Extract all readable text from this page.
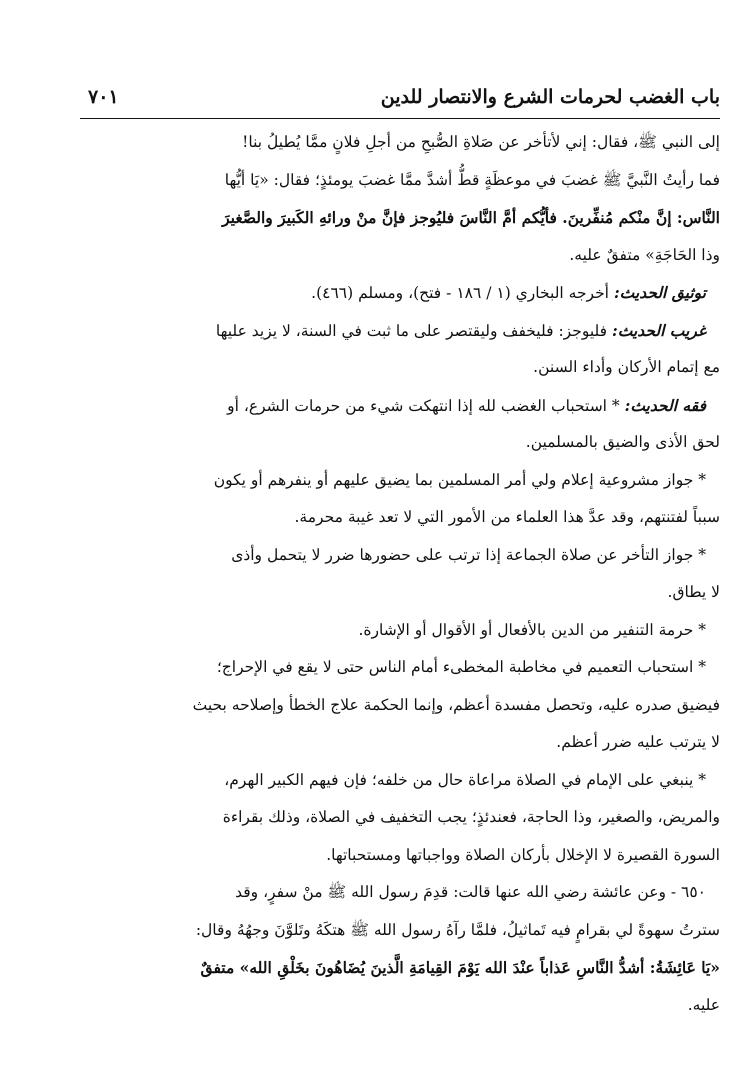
باب الغضب لحرمات الشرع والانتصار للدين
٧٠١
إلى النبي ﷺ، فقال: إني لأتأخر عن صَلاةِ الصُّبحِ من أجلِ فلانٍ ممَّا يُطيلُ بنا!
فما رأيتُ النَّبيَّ ﷺ غضبَ في موعظَةٍ قطُّ أشدَّ ممَّا غضبَ يومئذٍ؛ فقال: «يَا أيُّها
النَّاس: إنَّ منْكم مُنفِّرينَ. فأيُّكم أمَّ النَّاسَ فليُوجز فإنَّ منْ ورائهِ الكَبيرَ والصَّغيرَ
وذا الحَاجَةِ» متفقٌ عليه.
توثيق الحديث: أخرجه البخاري (١ / ١٨٦ - فتح)، ومسلم (٤٦٦).
غريب الحديث: فليوجز: فليخفف وليقتصر على ما ثبت في السنة، لا يزيد عليها
مع إتمام الأركان وأداء السنن.
فقه الحديث: * استحباب الغضب لله إذا انتهكت شيء من حرمات الشرع، أو
لحق الأذى والضيق بالمسلمين.
* جواز مشروعية إعلام ولي أمر المسلمين بما يضيق عليهم أو ينفرهم أو يكون
سبباً لفتنتهم، وقد عدَّ هذا العلماء من الأمور التي لا تعد غيبة محرمة.
* جواز التأخر عن صلاة الجماعة إذا ترتب على حضورها ضرر لا يتحمل وأذى
لا يطاق.
* حرمة التنفير من الدين بالأفعال أو الأقوال أو الإشارة.
* استحباب التعميم في مخاطبة المخطىء أمام الناس حتى لا يقع في الإحراج؛
فيضيق صدره عليه، وتحصل مفسدة أعظم، وإنما الحكمة علاج الخطأ وإصلاحه بحيث
لا يترتب عليه ضرر أعظم.
* ينبغي على الإمام في الصلاة مراعاة حال من خلفه؛ فإن فيهم الكبير الهرم،
والمريض، والصغير، وذا الحاجة، فعندئذٍ؛ يجب التخفيف في الصلاة، وذلك بقراءة
السورة القصيرة لا الإخلال بأركان الصلاة وواجباتها ومستحباتها.
٦٥٠ - وعن عائشة رضي الله عنها قالت: قدِمَ رسول الله ﷺ منْ سفرٍ، وقد
سترتُ سهوةً لي بقرامٍ فيه تَماثيلُ، فلمَّا رآهُ رسول الله ﷺ هتكَهُ وتَلوَّنَ وجهُهُ وقال:
«يَا عَائِشَةُ: أشدُّ النَّاسِ عَذاباً عنْدَ الله يَوْمَ القِيامَةِ الَّذينَ يُضَاهُونَ بخَلْقِ الله» متفقٌ
عليه.
